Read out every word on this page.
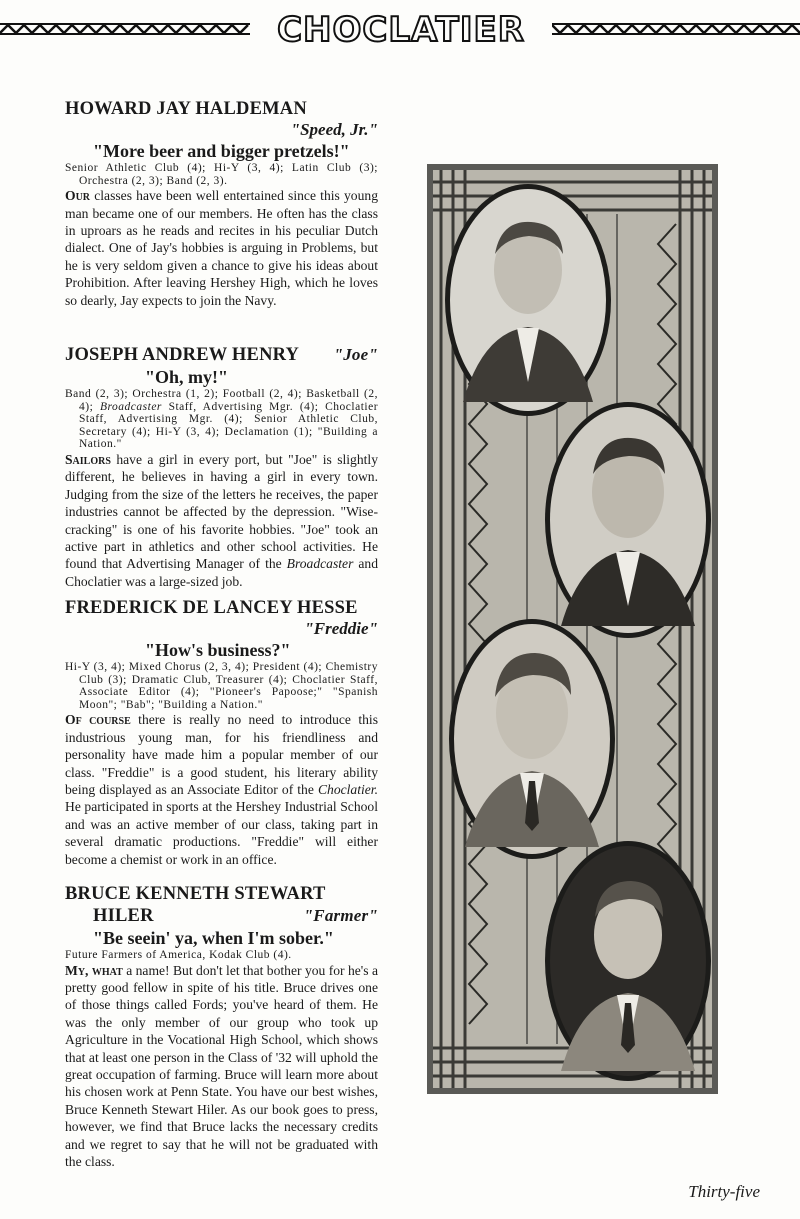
CHOCLATIER
HOWARD JAY HALDEMAN
"Speed, Jr."
"More beer and bigger pretzels!"
Senior Athletic Club (4); Hi-Y (3, 4); Latin Club (3); Orchestra (2, 3); Band (2, 3).
Our classes have been well entertained since this young man became one of our members. He often has the class in uproars as he reads and recites in his peculiar Dutch dialect. One of Jay's hobbies is arguing in Problems, but he is very seldom given a chance to give his ideas about Prohibition. After leaving Hershey High, which he loves so dearly, Jay expects to join the Navy.
JOSEPH ANDREW HENRY "Joe"
"Oh, my!"
Band (2, 3); Orchestra (1, 2); Football (2, 4); Basketball (2, 4); Broadcaster Staff, Advertising Mgr. (4); Choclatier Staff, Advertising Mgr. (4); Senior Athletic Club, Secretary (4); Hi-Y (3, 4); Declamation (1); "Building a Nation."
Sailors have a girl in every port, but "Joe" is slightly different, he believes in having a girl in every town. Judging from the size of the letters he receives, the paper industries cannot be affected by the depression. "Wise-cracking" is one of his favorite hobbies. "Joe" took an active part in athletics and other school activities. He found that Advertising Manager of the Broadcaster and Choclatier was a large-sized job.
FREDERICK DE LANCEY HESSE
"Freddie"
"How's business?"
Hi-Y (3, 4); Mixed Chorus (2, 3, 4); President (4); Chemistry Club (3); Dramatic Club, Treasurer (4); Choclatier Staff, Associate Editor (4); "Pioneer's Papoose;" "Spanish Moon"; "Bab"; "Building a Nation."
Of course there is really no need to introduce this industrious young man, for his friendliness and personality have made him a popular member of our class. "Freddie" is a good student, his literary ability being displayed as an Associate Editor of the Choclatier. He participated in sports at the Hershey Industrial School and was an active member of our class, taking part in several dramatic productions. "Freddie" will either become a chemist or work in an office.
BRUCE KENNETH STEWART
HILER	"Farmer"
"Be seein' ya, when I'm sober."
Future Farmers of America, Kodak Club (4).
My, what a name! But don't let that bother you for he's a pretty good fellow in spite of his title. Bruce drives one of those things called Fords; you've heard of them. He was the only member of our group who took up Agriculture in the Vocational High School, which shows that at least one person in the Class of '32 will uphold the great occupation of farming. Bruce will learn more about his chosen work at Penn State. You have our best wishes, Bruce Kenneth Stewart Hiler. As our book goes to press, however, we find that Bruce lacks the necessary credits and we regret to say that he will not be graduated with the class.
Thirty-five
